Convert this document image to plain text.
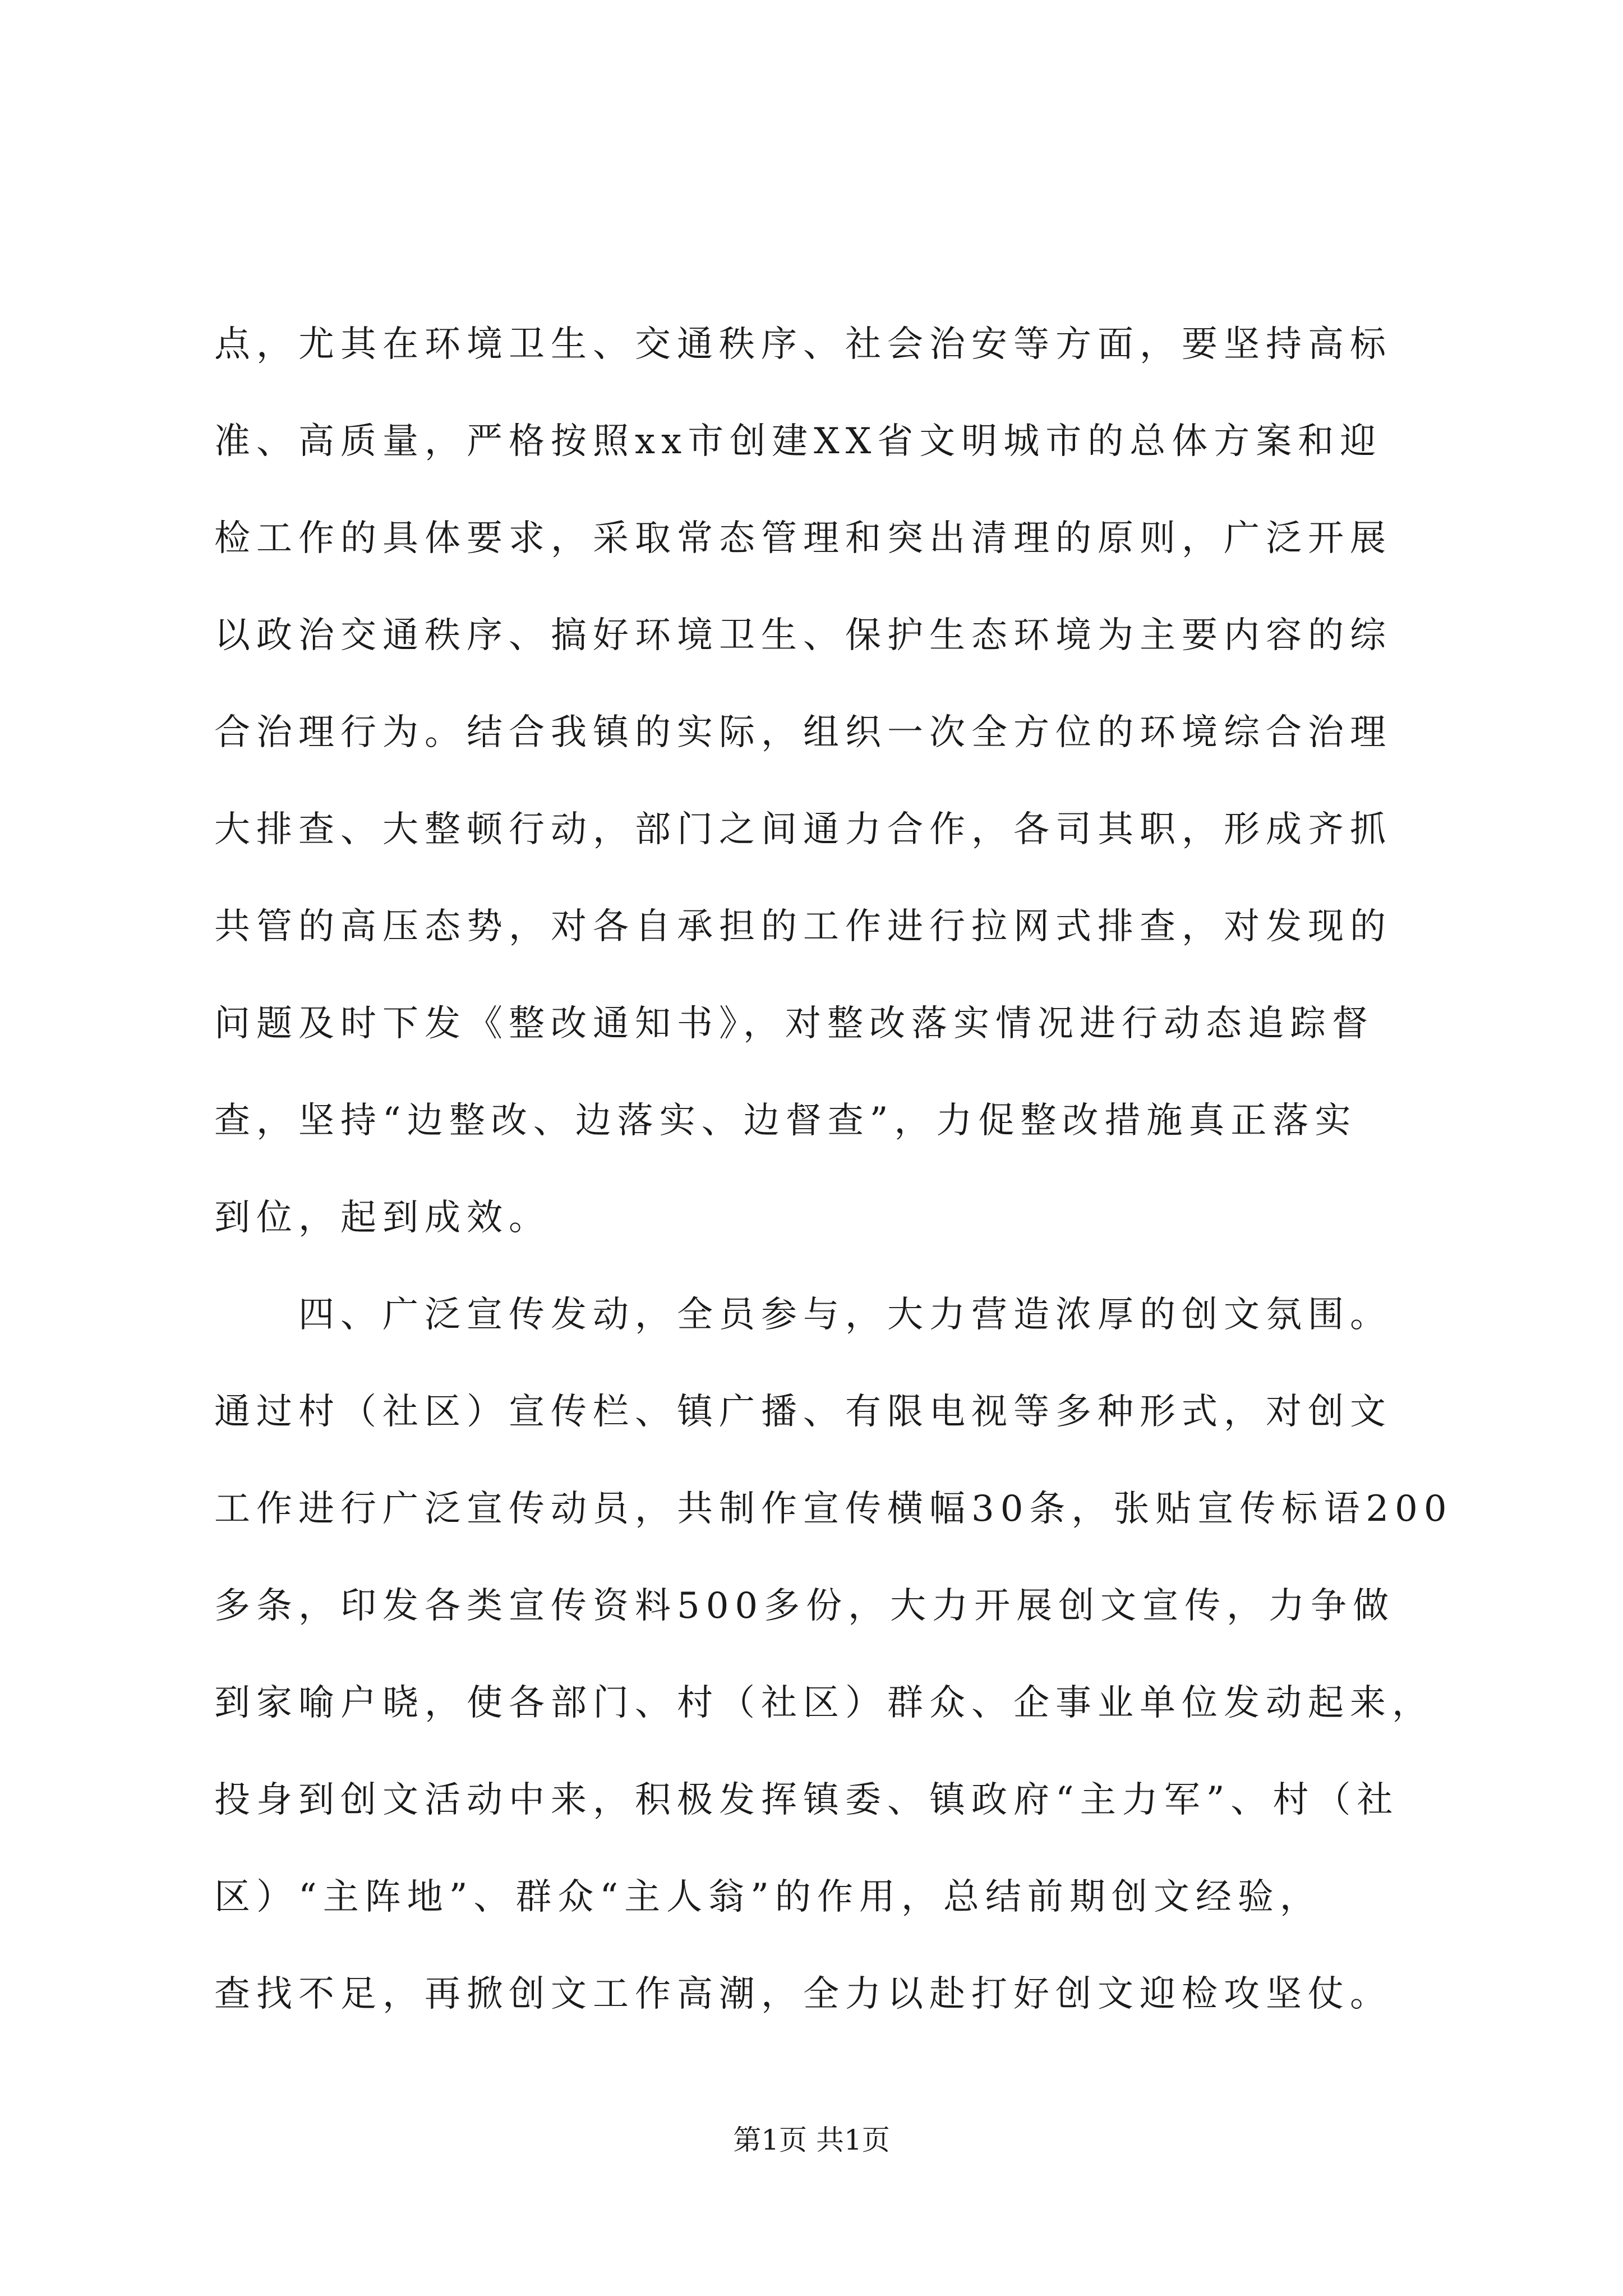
点，尤其在环境卫生、交通秩序、社会治安等方面，要坚持高标
准、高质量，严格按照xx市创建XX省文明城市的总体方案和迎
检工作的具体要求，采取常态管理和突出清理的原则，广泛开展
以政治交通秩序、搞好环境卫生、保护生态环境为主要内容的综
合治理行为。结合我镇的实际，组织一次全方位的环境综合治理
大排查、大整顿行动，部门之间通力合作，各司其职，形成齐抓
共管的高压态势，对各自承担的工作进行拉网式排查，对发现的
问题及时下发《整改通知书》，对整改落实情况进行动态追踪督
查，坚持“边整改、边落实、边督查”，力促整改措施真正落实
到位，起到成效。
四、广泛宣传发动，全员参与，大力营造浓厚的创文氛围。
通过村（社区）宣传栏、镇广播、有限电视等多种形式，对创文
工作进行广泛宣传动员，共制作宣传横幅30条，张贴宣传标语200
多条，印发各类宣传资料500多份，大力开展创文宣传，力争做
到家喻户晓，使各部门、村（社区）群众、企事业单位发动起来，
投身到创文活动中来，积极发挥镇委、镇政府“主力军”、村（社
区）“主阵地”、群众“主人翁”的作用，总结前期创文经验，
查找不足，再掀创文工作高潮，全力以赴打好创文迎检攻坚仗。
第1页 共1页
